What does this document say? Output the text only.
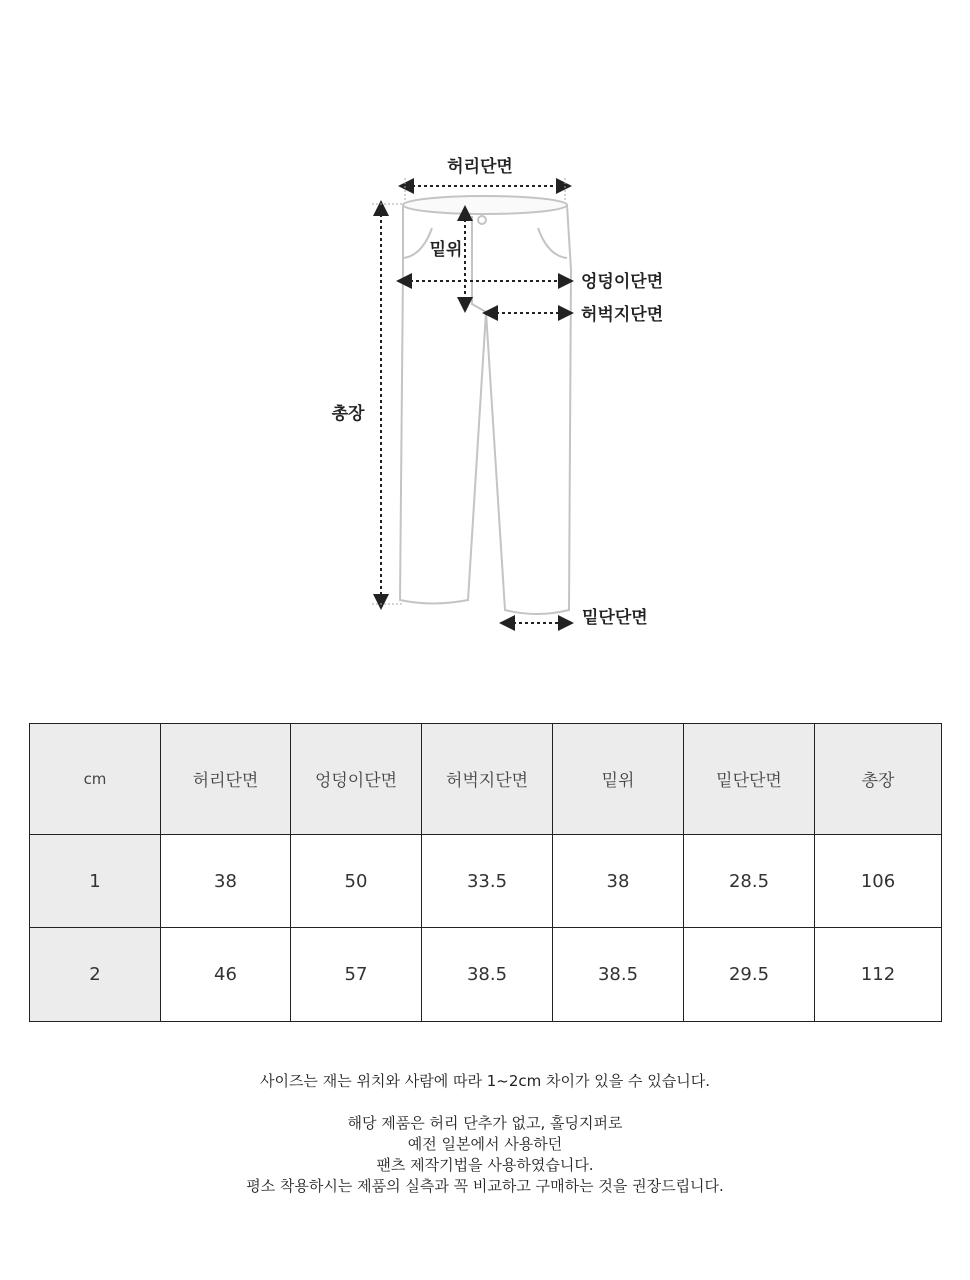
허리단면
밑위
엉덩이단면
허벅지단면
총장
밑단단면
cm	허리단면	엉덩이단면	허벅지단면	밑위	밑단단면	총장
1	38	50	33.5	38	28.5	106
2	46	57	38.5	38.5	29.5	112

사이즈는 재는 위치와 사람에 따라 1~2cm 차이가 있을 수 있습니다.

해당 제품은 허리 단추가 없고, 홀딩지퍼로

예전 일본에서 사용하던

팬츠 제작기법을 사용하였습니다.

평소 착용하시는 제품의 실측과 꼭 비교하고 구매하는 것을 권장드립니다.
